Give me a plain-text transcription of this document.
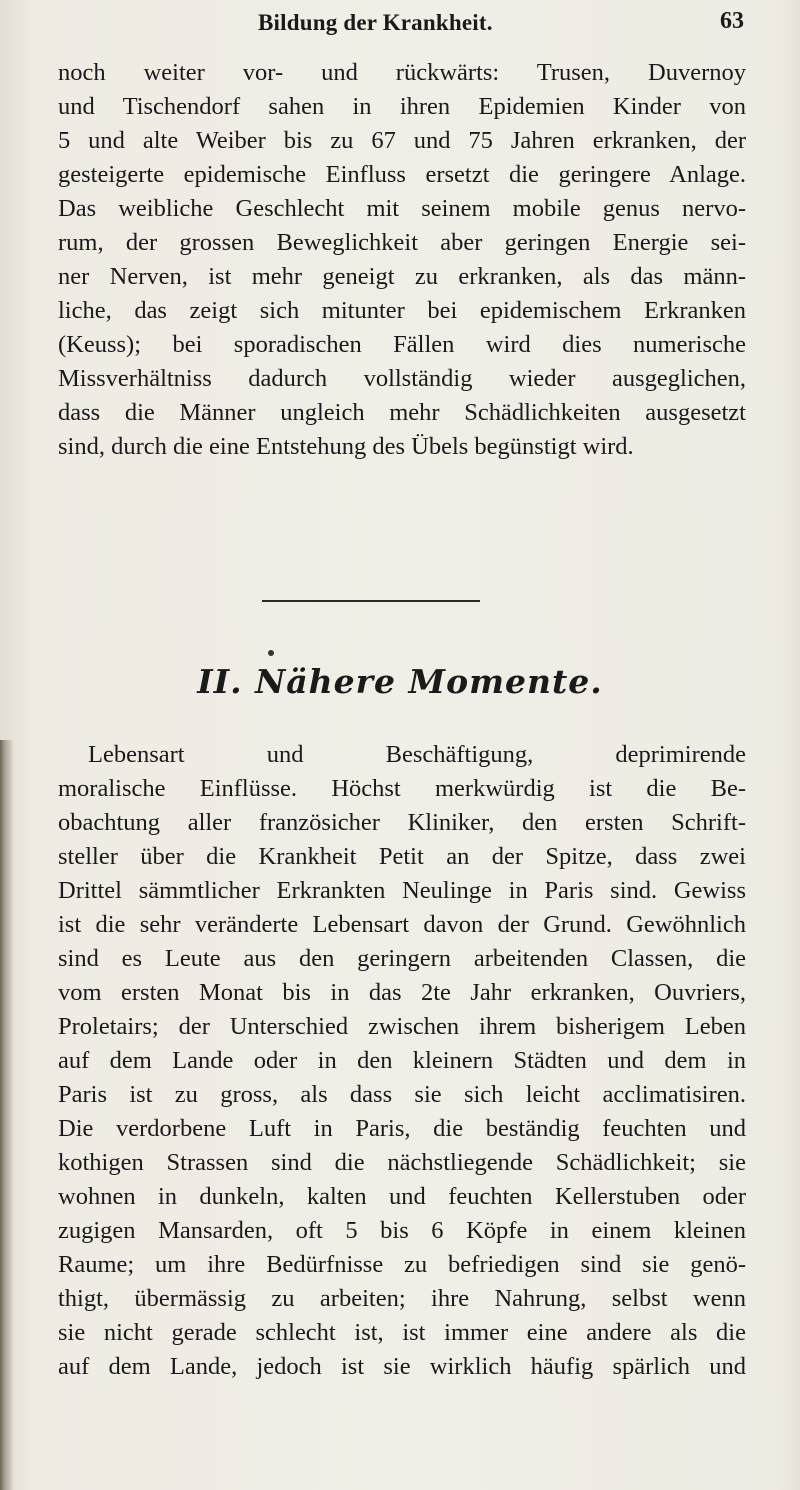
Bildung der Krankheit.	63
noch weiter vor- und rückwärts: Trusen, Duvernoy
und Tischendorf sahen in ihren Epidemien Kinder von
5 und alte Weiber bis zu 67 und 75 Jahren erkranken, der
gesteigerte epidemische Einfluss ersetzt die geringere Anlage.
Das weibliche Geschlecht mit seinem mobile genus nervo-
rum, der grossen Beweglichkeit aber geringen Energie sei-
ner Nerven, ist mehr geneigt zu erkranken, als das männ-
liche, das zeigt sich mitunter bei epidemischem Erkranken
(Keuss); bei sporadischen Fällen wird dies numerische
Missverhältniss dadurch vollständig wieder ausgeglichen,
dass die Männer ungleich mehr Schädlichkeiten ausgesetzt
sind, durch die eine Entstehung des Übels begünstigt wird.
II. Nähere Momente.
Lebensart und Beschäftigung, deprimirende
moralische Einflüsse. Höchst merkwürdig ist die Be-
obachtung aller französicher Kliniker, den ersten Schrift-
steller über die Krankheit Petit an der Spitze, dass zwei
Drittel sämmtlicher Erkrankten Neulinge in Paris sind. Gewiss
ist die sehr veränderte Lebensart davon der Grund. Gewöhnlich
sind es Leute aus den geringern arbeitenden Classen, die
vom ersten Monat bis in das 2te Jahr erkranken, Ouvriers,
Proletairs; der Unterschied zwischen ihrem bisherigem Leben
auf dem Lande oder in den kleinern Städten und dem in
Paris ist zu gross, als dass sie sich leicht acclimatisiren.
Die verdorbene Luft in Paris, die beständig feuchten und
kothigen Strassen sind die nächstliegende Schädlichkeit; sie
wohnen in dunkeln, kalten und feuchten Kellerstuben oder
zugigen Mansarden, oft 5 bis 6 Köpfe in einem kleinen
Raume; um ihre Bedürfnisse zu befriedigen sind sie genö-
thigt, übermässig zu arbeiten; ihre Nahrung, selbst wenn
sie nicht gerade schlecht ist, ist immer eine andere als die
auf dem Lande, jedoch ist sie wirklich häufig spärlich und
